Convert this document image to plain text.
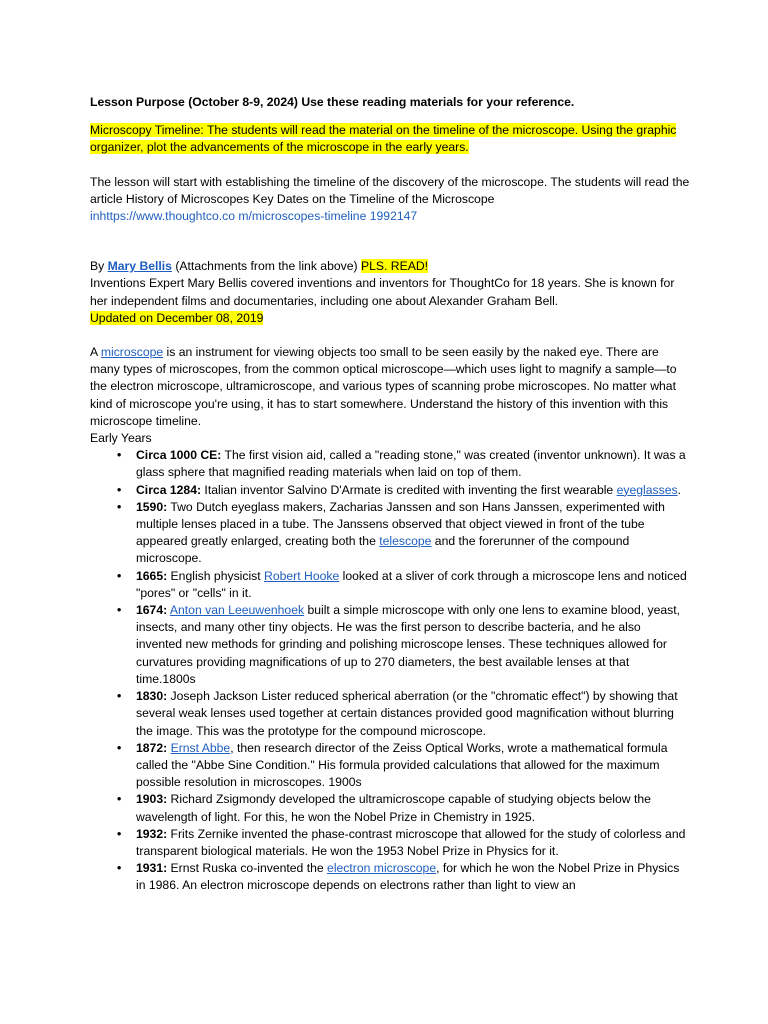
Lesson Purpose (October 8-9, 2024) Use these reading materials for your reference.

Microscopy Timeline: The students will read the material on the timeline of the microscope. Using the graphic organizer, plot the advancements of the microscope in the early years.

The lesson will start with establishing the timeline of the discovery of the microscope. The students will read the article History of Microscopes Key Dates on the Timeline of the Microscope
inhttps://www.thoughtco.co m/microscopes-timeline 1992147

By Mary Bellis (Attachments from the link above) PLS. READ!
Inventions Expert Mary Bellis covered inventions and inventors for ThoughtCo for 18 years. She is known for her independent films and documentaries, including one about Alexander Graham Bell.
Updated on December 08, 2019

A microscope is an instrument for viewing objects too small to be seen easily by the naked eye. There are many types of microscopes, from the common optical microscope—which uses light to magnify a sample—to the electron microscope, ultramicroscope, and various types of scanning probe microscopes. No matter what kind of microscope you're using, it has to start somewhere. Understand the history of this invention with this microscope timeline.

Early Years

• Circa 1000 CE: The first vision aid, called a "reading stone," was created (inventor unknown). It was a glass sphere that magnified reading materials when laid on top of them.
• Circa 1284: Italian inventor Salvino D'Armate is credited with inventing the first wearable eyeglasses.
• 1590: Two Dutch eyeglass makers, Zacharias Janssen and son Hans Janssen, experimented with multiple lenses placed in a tube. The Janssens observed that object viewed in front of the tube appeared greatly enlarged, creating both the telescope and the forerunner of the compound microscope.
• 1665: English physicist Robert Hooke looked at a sliver of cork through a microscope lens and noticed "pores" or "cells" in it.
• 1674: Anton van Leeuwenhoek built a simple microscope with only one lens to examine blood, yeast, insects, and many other tiny objects. He was the first person to describe bacteria, and he also invented new methods for grinding and polishing microscope lenses. These techniques allowed for curvatures providing magnifications of up to 270 diameters, the best available lenses at that time.1800s
• 1830: Joseph Jackson Lister reduced spherical aberration (or the "chromatic effect") by showing that several weak lenses used together at certain distances provided good magnification without blurring the image. This was the prototype for the compound microscope.
• 1872: Ernst Abbe, then research director of the Zeiss Optical Works, wrote a mathematical formula called the "Abbe Sine Condition." His formula provided calculations that allowed for the maximum possible resolution in microscopes. 1900s
• 1903: Richard Zsigmondy developed the ultramicroscope capable of studying objects below the wavelength of light. For this, he won the Nobel Prize in Chemistry in 1925.
• 1932: Frits Zernike invented the phase-contrast microscope that allowed for the study of colorless and transparent biological materials. He won the 1953 Nobel Prize in Physics for it.
• 1931: Ernst Ruska co-invented the electron microscope, for which he won the Nobel Prize in Physics in 1986. An electron microscope depends on electrons rather than light to view an
